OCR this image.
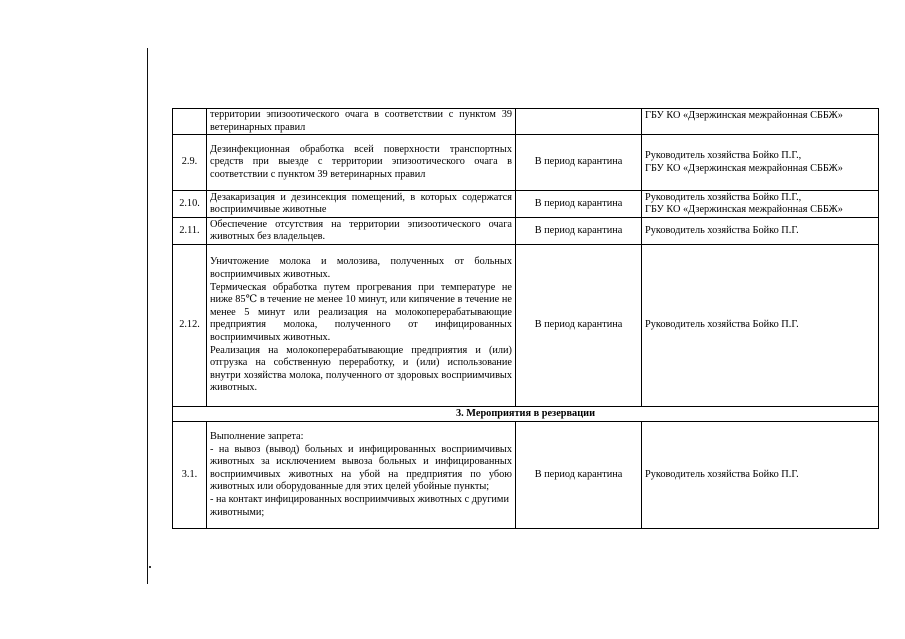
	территории эпизоотического очага в соответствии с пунктом 39 ветеринарных правил		ГБУ КО «Дзержинская межрайонная СББЖ»

2.9.	Дезинфекционная обработка всей поверхности транспортных средств при выезде с территории эпизоотического очага в соответствии с пунктом 39 ветеринарных правил	В период карантина	Руководитель хозяйства Бойко П.Г.,
ГБУ КО «Дзержинская межрайонная СББЖ»

2.10.	Дезакаризация и дезинсекция помещений, в которых содержатся восприимчивые животные	В период карантина	Руководитель хозяйства Бойко П.Г.,
ГБУ КО «Дзержинская межрайонная СББЖ»

2.11.	Обеспечение отсутствия на территории эпизоотического очага животных без владельцев.	В период карантина	Руководитель хозяйства Бойко П.Г.

2.12.	Уничтожение молока и молозива, полученных от больных восприимчивых животных.

Термическая обработка путем прогревания при температуре не ниже 85℃ в течение не менее 10 минут, или кипячение в течение не менее 5 минут или реализация на молокоперерабатывающие предприятия молока, полученного от инфицированных восприимчивых животных.

Реализация на молокоперерабатывающие предприятия и (или) отгрузка на собственную переработку, и (или) использование внутри хозяйства молока, полученного от здоровых восприимчивых животных.	В период карантина	Руководитель хозяйства Бойко П.Г.

3. Мероприятия в резервации			
3.1.	Выполнение запрета:

- на вывоз (вывод) больных и инфицированных восприимчивых животных за исключением вывоза больных и инфицированных восприимчивых животных на убой на предприятия по убою животных или оборудованные для этих целей убойные пункты;

- на контакт инфицированных восприимчивых животных с другими животными;	В период карантина	Руководитель хозяйства Бойко П.Г.
